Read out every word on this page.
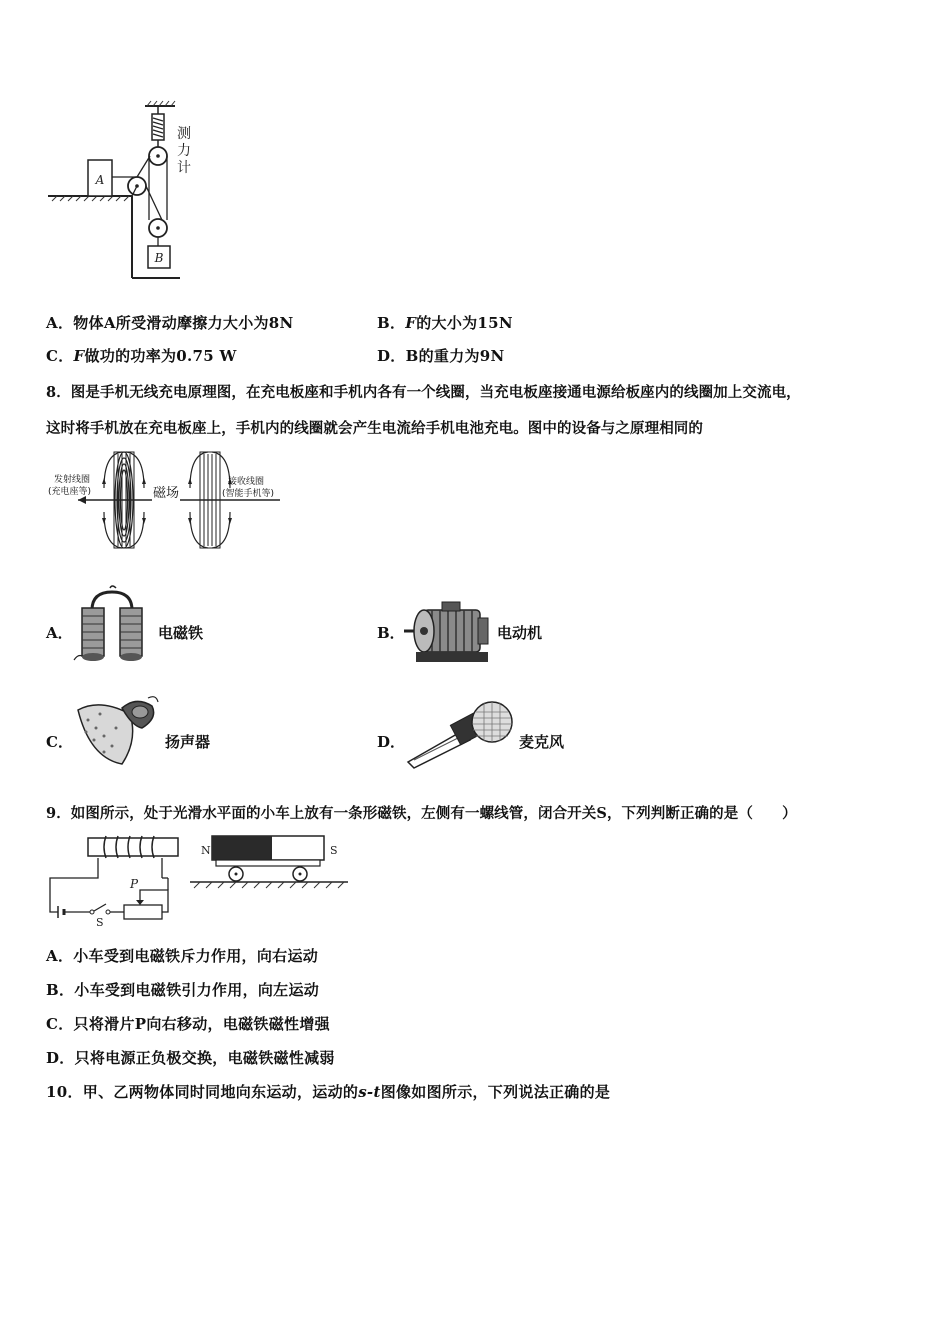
A
B
测力计
A．物体A所受滑动摩擦力大小为8N	B．F的大小为15N
C．F做功的功率为0.75 W	D．B的重力为9N
8．图是手机无线充电原理图，在充电板座和手机内各有一个线圈，当充电板座接通电源给板座内的线圈加上交流电，
这时将手机放在充电板座上，手机内的线圈就会产生电流给手机电池充电。图中的设备与之原理相同的
发射线圈
(充电座等)	磁场
接收线圈
(智能手机等)
A．	电磁铁	B．	电动机
C．	扬声器	D．	麦克风
9．如图所示，处于光滑水平面的小车上放有一条形磁铁，左侧有一螺线管，闭合开关S，下列判断正确的是（　　）
P
S
N	S
A．小车受到电磁铁斥力作用，向右运动
B．小车受到电磁铁引力作用，向左运动
C．只将滑片P向右移动，电磁铁磁性增强
D．只将电源正负极交换，电磁铁磁性减弱
10．甲、乙两物体同时同地向东运动，运动的s-t图像如图所示，下列说法正确的是
